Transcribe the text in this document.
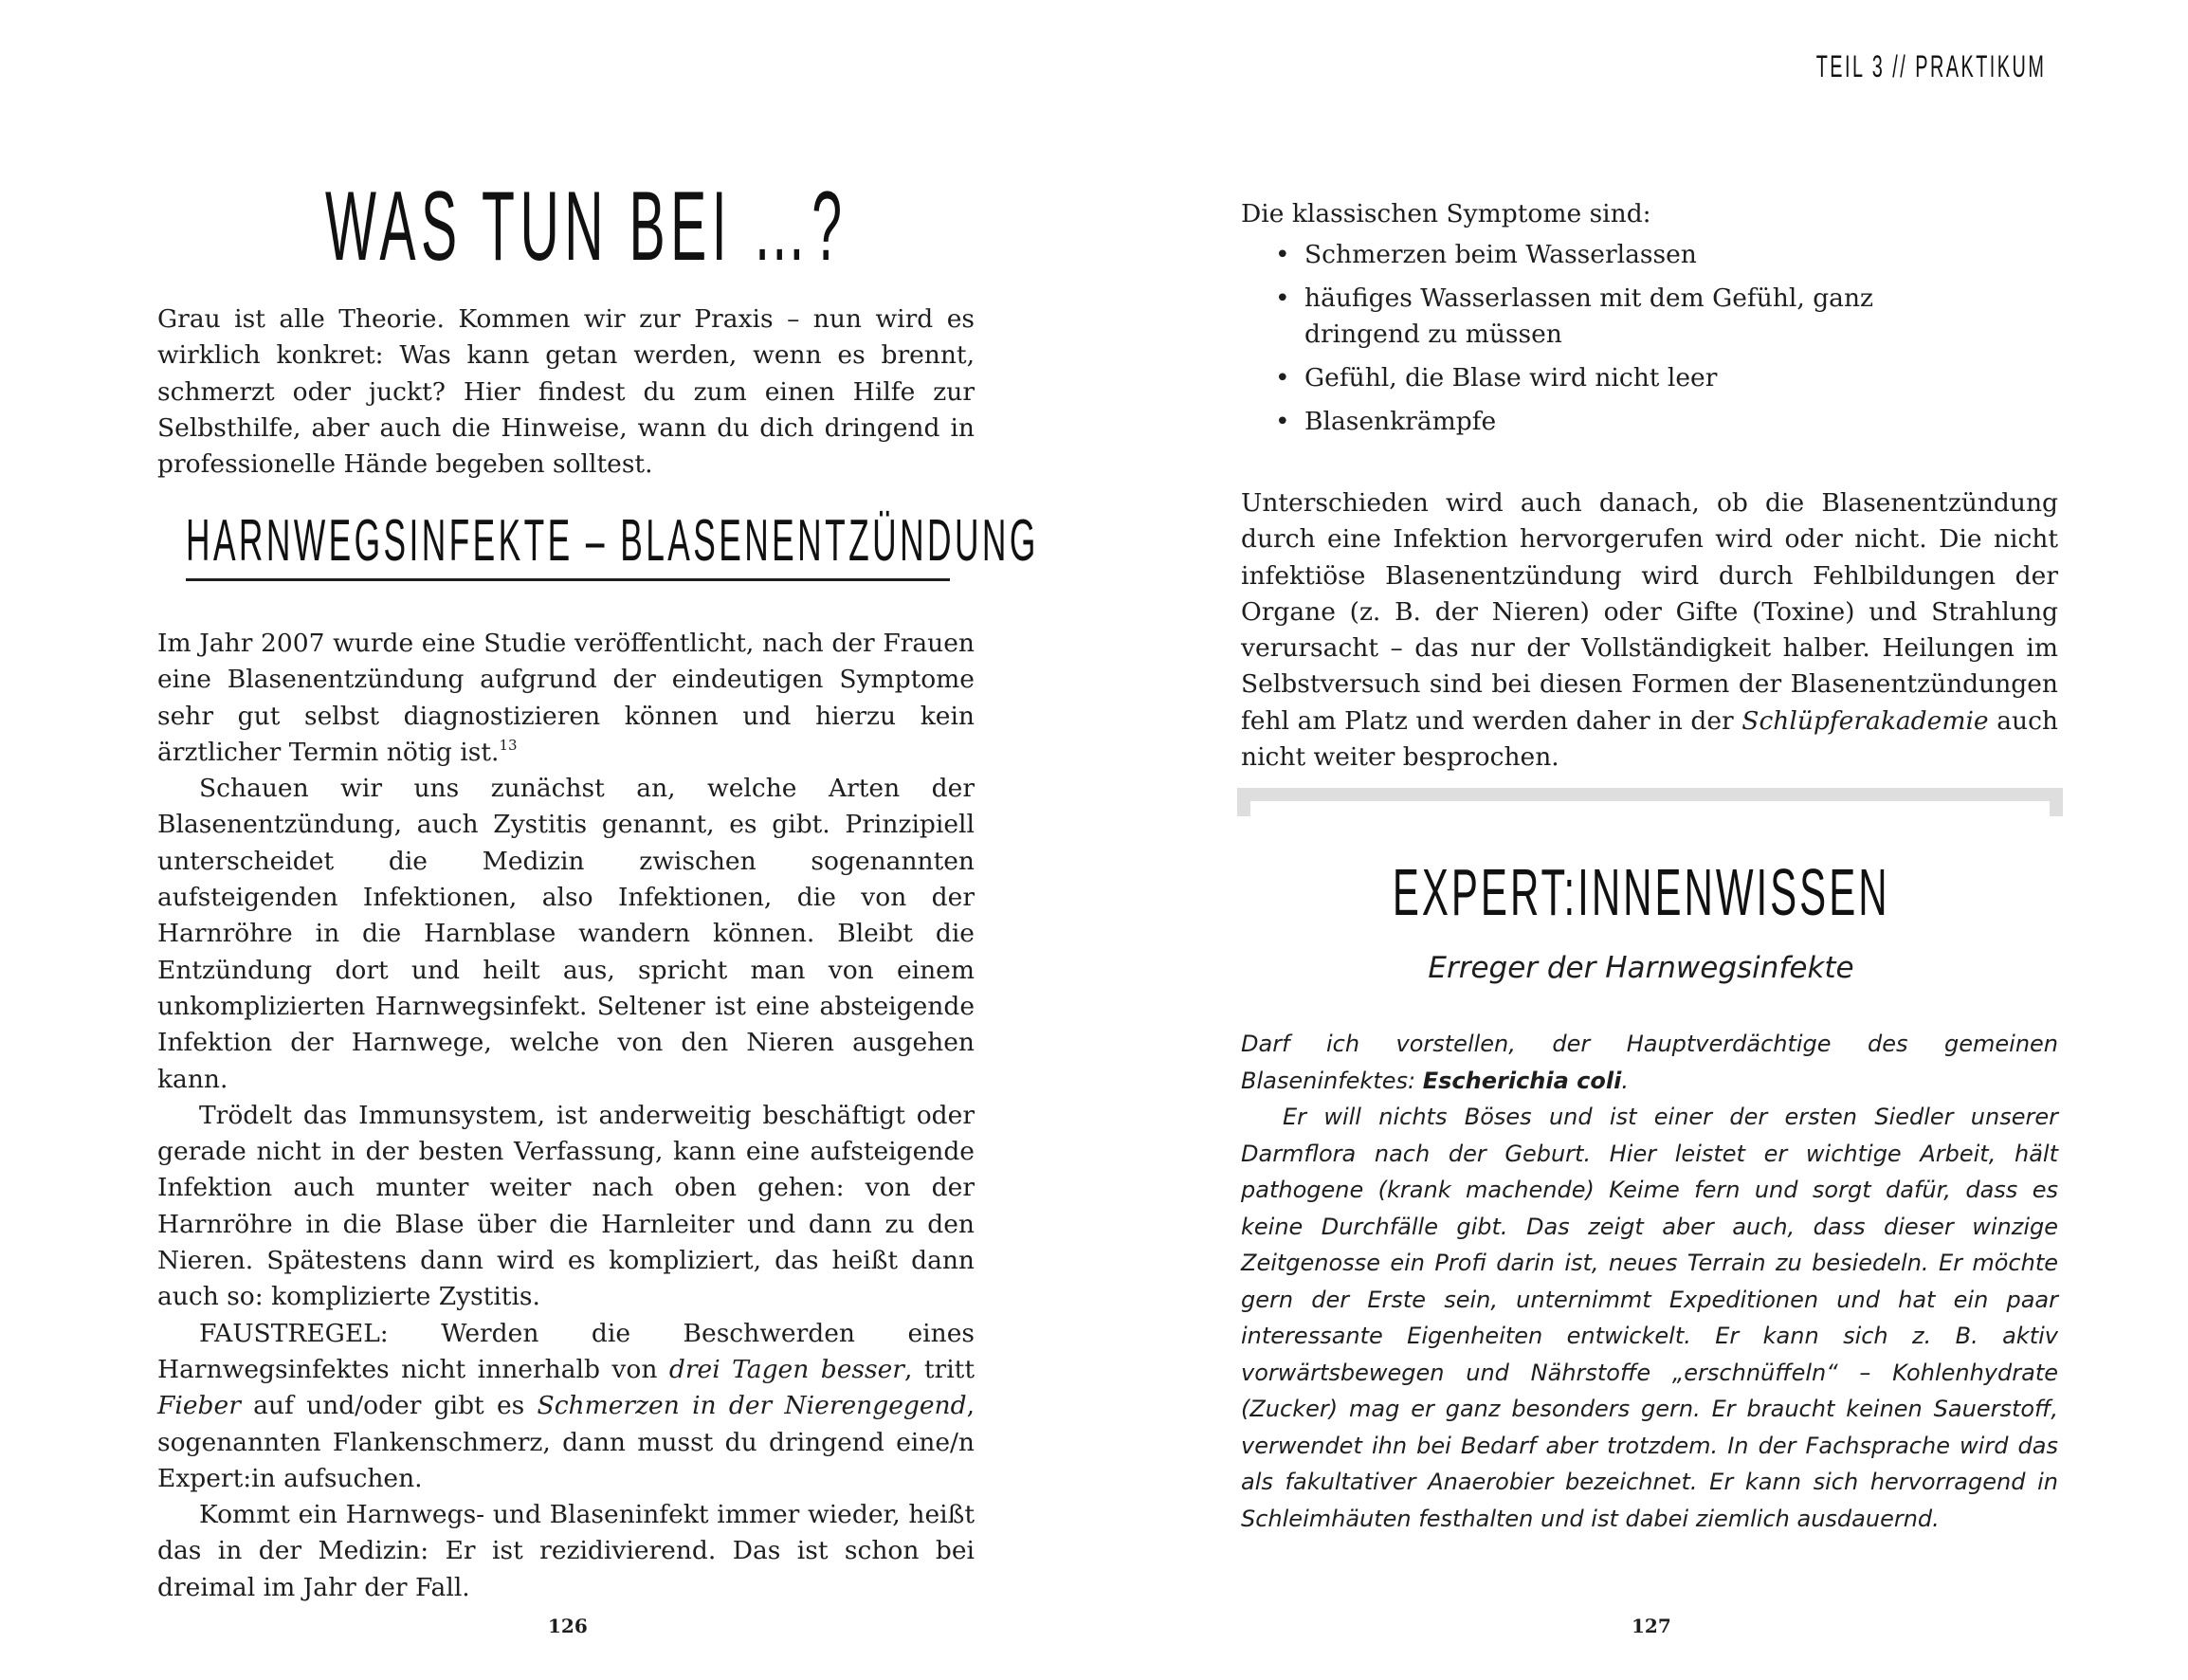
WAS TUN BEI …?

Grau ist alle Theorie. Kommen wir zur Praxis – nun wird es wirklich konkret: Was kann getan werden, wenn es brennt, schmerzt oder juckt? Hier findest du zum einen Hilfe zur Selbsthilfe, aber auch die Hinweise, wann du dich dringend in professionelle Hände begeben solltest.

HARNWEGSINFEKTE – BLASENENTZÜNDUNG

Im Jahr 2007 wurde eine Studie veröffentlicht, nach der Frauen eine Blasenentzündung aufgrund der eindeutigen Symptome sehr gut selbst diagnostizieren können und hierzu kein ärztlicher Termin nötig ist.$^{13}$

Schauen wir uns zunächst an, welche Arten der Blasenentzündung, auch Zystitis genannt, es gibt. Prinzipiell unterscheidet die Medizin zwischen sogenannten aufsteigenden Infektionen, also Infektionen, die von der Harnröhre in die Harnblase wandern können. Bleibt die Entzündung dort und heilt aus, spricht man von einem unkomplizierten Harnwegsinfekt. Seltener ist eine absteigende Infektion der Harnwege, welche von den Nieren ausgehen kann.

Trödelt das Immunsystem, ist anderweitig beschäftigt oder gerade nicht in der besten Verfassung, kann eine aufsteigende Infektion auch munter weiter nach oben gehen: von der Harnröhre in die Blase über die Harnleiter und dann zu den Nieren. Spätestens dann wird es kompliziert, das heißt dann auch so: komplizierte Zystitis.

FAUSTREGEL: Werden die Beschwerden eines Harnwegsinfektes nicht innerhalb von drei Tagen besser, tritt Fieber auf und/oder gibt es Schmerzen in der Nierengegend, sogenannten Flankenschmerz, dann musst du dringend eine/n Expert:in aufsuchen.

Kommt ein Harnwegs- und Blaseninfekt immer wieder, heißt das in der Medizin: Er ist rezidivierend. Das ist schon bei dreimal im Jahr der Fall.

126
TEIL 3 // PRAKTIKUM
Die klassischen Symptome sind:
• Schmerzen beim Wasserlassen
• häufiges Wasserlassen mit dem Gefühl, ganz dringend zu müssen
• Gefühl, die Blase wird nicht leer
• Blasenkrämpfe

Unterschieden wird auch danach, ob die Blasenentzündung durch eine Infektion hervorgerufen wird oder nicht. Die nicht infektiöse Blasenentzündung wird durch Fehlbildungen der Organe (z. B. der Nieren) oder Gifte (Toxine) und Strahlung verursacht – das nur der Vollständigkeit halber. Heilungen im Selbstversuch sind bei diesen Formen der Blasenentzündungen fehl am Platz und werden daher in der Schlüpferakademie auch nicht weiter besprochen.

EXPERT:INNENWISSEN
Erreger der Harnwegsinfekte

Darf ich vorstellen, der Hauptverdächtige des gemeinen Blaseninfektes: Escherichia coli.

Er will nichts Böses und ist einer der ersten Siedler unserer Darmflora nach der Geburt. Hier leistet er wichtige Arbeit, hält pathogene (krank machende) Keime fern und sorgt dafür, dass es keine Durchfälle gibt. Das zeigt aber auch, dass dieser winzige Zeitgenosse ein Profi darin ist, neues Terrain zu besiedeln. Er möchte gern der Erste sein, unternimmt Expeditionen und hat ein paar interessante Eigenheiten entwickelt. Er kann sich z. B. aktiv vorwärtsbewegen und Nährstoffe „erschnüffeln“ – Kohlenhydrate (Zucker) mag er ganz besonders gern. Er braucht keinen Sauerstoff, verwendet ihn bei Bedarf aber trotzdem. In der Fachsprache wird das als fakultativer Anaerobier bezeichnet. Er kann sich hervorragend in Schleimhäuten festhalten und ist dabei ziemlich ausdauernd.

127
